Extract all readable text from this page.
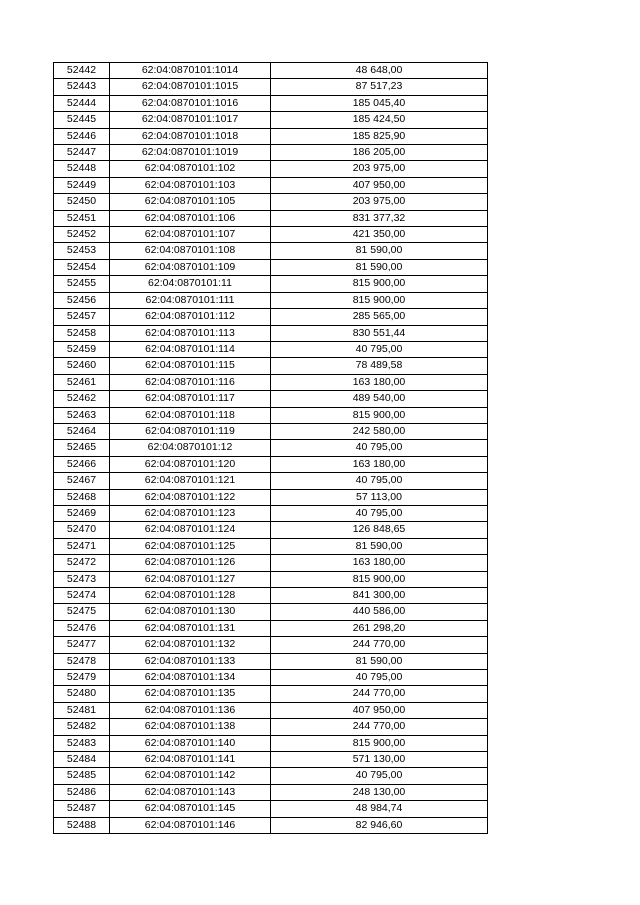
52442	62:04:0870101:1014	48 648,00
52443	62:04:0870101:1015	87 517,23
52444	62:04:0870101:1016	185 045,40
52445	62:04:0870101:1017	185 424,50
52446	62:04:0870101:1018	185 825,90
52447	62:04:0870101:1019	186 205,00
52448	62:04:0870101:102	203 975,00
52449	62:04:0870101:103	407 950,00
52450	62:04:0870101:105	203 975,00
52451	62:04:0870101:106	831 377,32
52452	62:04:0870101:107	421 350,00
52453	62:04:0870101:108	81 590,00
52454	62:04:0870101:109	81 590,00
52455	62:04:0870101:11	815 900,00
52456	62:04:0870101:111	815 900,00
52457	62:04:0870101:112	285 565,00
52458	62:04:0870101:113	830 551,44
52459	62:04:0870101:114	40 795,00
52460	62:04:0870101:115	78 489,58
52461	62:04:0870101:116	163 180,00
52462	62:04:0870101:117	489 540,00
52463	62:04:0870101:118	815 900,00
52464	62:04:0870101:119	242 580,00
52465	62:04:0870101:12	40 795,00
52466	62:04:0870101:120	163 180,00
52467	62:04:0870101:121	40 795,00
52468	62:04:0870101:122	57 113,00
52469	62:04:0870101:123	40 795,00
52470	62:04:0870101:124	126 848,65
52471	62:04:0870101:125	81 590,00
52472	62:04:0870101:126	163 180,00
52473	62:04:0870101:127	815 900,00
52474	62:04:0870101:128	841 300,00
52475	62:04:0870101:130	440 586,00
52476	62:04:0870101:131	261 298,20
52477	62:04:0870101:132	244 770,00
52478	62:04:0870101:133	81 590,00
52479	62:04:0870101:134	40 795,00
52480	62:04:0870101:135	244 770,00
52481	62:04:0870101:136	407 950,00
52482	62:04:0870101:138	244 770,00
52483	62:04:0870101:140	815 900,00
52484	62:04:0870101:141	571 130,00
52485	62:04:0870101:142	40 795,00
52486	62:04:0870101:143	248 130,00
52487	62:04:0870101:145	48 984,74
52488	62:04:0870101:146	82 946,60
